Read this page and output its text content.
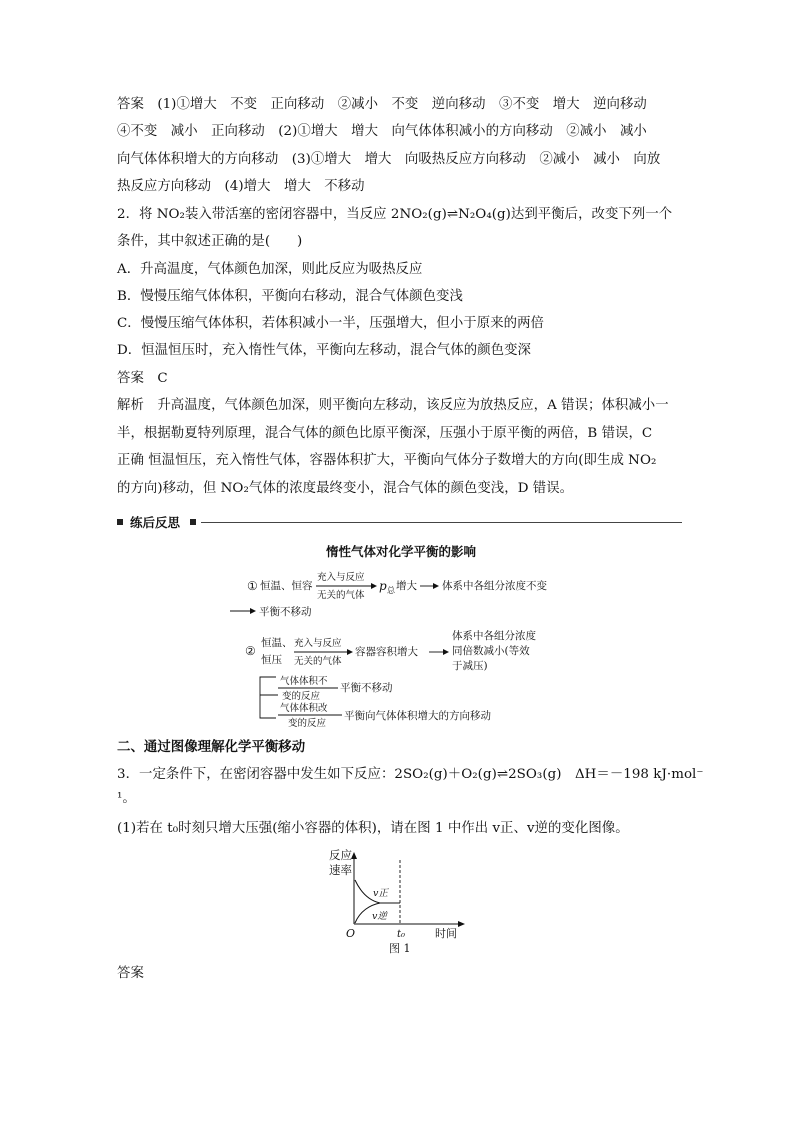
答案　(1)①增大　不变　正向移动　②减小　不变　逆向移动　③不变　增大　逆向移动
④不变　减小　正向移动　(2)①增大　增大　向气体体积减小的方向移动　②减小　减小
向气体体积增大的方向移动　(3)①增大　增大　向吸热反应方向移动　②减小　减小　向放
热反应方向移动　(4)增大　增大　不移动
2．将 NO₂装入带活塞的密闭容器中，当反应 2NO₂(g)⇌N₂O₄(g)达到平衡后，改变下列一个
条件，其中叙述正确的是(　　)
A．升高温度，气体颜色加深，则此反应为吸热反应
B．慢慢压缩气体体积，平衡向右移动，混合气体颜色变浅
C．慢慢压缩气体体积，若体积减小一半，压强增大，但小于原来的两倍
D．恒温恒压时，充入惰性气体，平衡向左移动，混合气体的颜色变深
答案　C
解析　升高温度，气体颜色加深，则平衡向左移动，该反应为放热反应，A 错误；体积减小一
半，根据勒夏特列原理，混合气体的颜色比原平衡深，压强小于原平衡的两倍，B 错误，C
正确 恒温恒压，充入惰性气体，容器体积扩大，平衡向气体分子数增大的方向(即生成 NO₂
的方向)移动，但 NO₂气体的浓度最终变小，混合气体的颜色变浅，D 错误。
练后反思
惰性气体对化学平衡的影响
① 恒温、恒容
充入与反应
无关的气体
p 总 增大 体系中各组分浓度不变
平衡不移动
②
恒温、
恒压
充入与反应
无关的气体
容器容积增大
体系中各组分浓度
同倍数减小(等效
于减压)
气体体积不
变的反应
平衡不移动
气体体积改
变的反应
平衡向气体体积增大的方向移动
二、通过图像理解化学平衡移动
3．一定条件下，在密闭容器中发生如下反应：2SO₂(g)＋O₂(g)⇌2SO₃(g)　ΔH＝－198 kJ·mol⁻
¹。
(1)若在 t₀时刻只增大压强(缩小容器的体积)，请在图 1 中作出 v正、v逆的变化图像。
反应
速率
v正
v逆
O	t₀	时间
图 1
答案
